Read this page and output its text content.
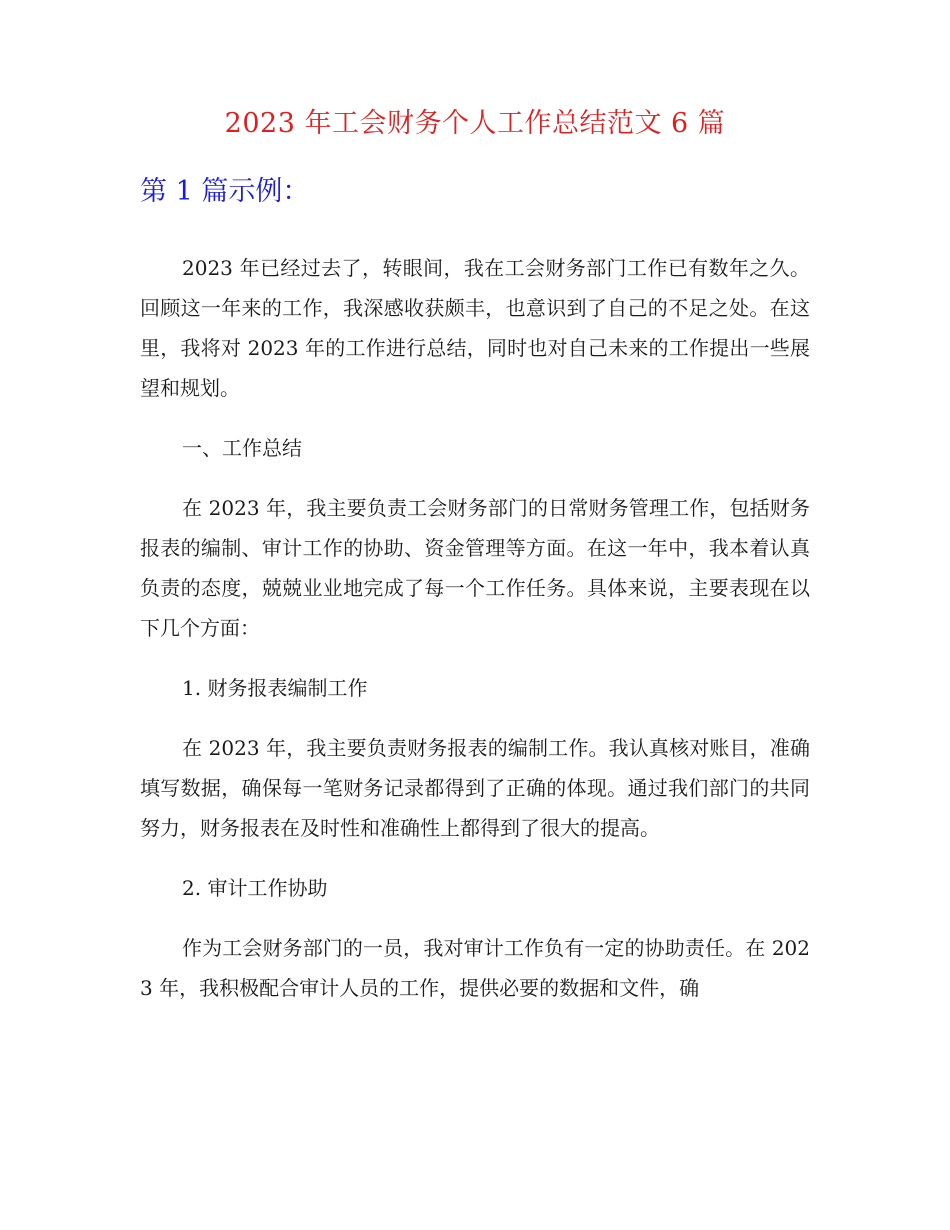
2023 年工会财务个人工作总结范文 6 篇
第 1 篇示例：

2023 年已经过去了，转眼间，我在工会财务部门工作已有数年之久。回顾这一年来的工作，我深感收获颇丰，也意识到了自己的不足之处。在这里，我将对 2023 年的工作进行总结，同时也对自己未来的工作提出一些展望和规划。

一、工作总结

在 2023 年，我主要负责工会财务部门的日常财务管理工作，包括财务报表的编制、审计工作的协助、资金管理等方面。在这一年中，我本着认真负责的态度，兢兢业业地完成了每一个工作任务。具体来说，主要表现在以下几个方面：

1. 财务报表编制工作

在 2023 年，我主要负责财务报表的编制工作。我认真核对账目，准确填写数据，确保每一笔财务记录都得到了正确的体现。通过我们部门的共同努力，财务报表在及时性和准确性上都得到了很大的提高。

2. 审计工作协助

作为工会财务部门的一员，我对审计工作负有一定的协助责任。在 2023 年，我积极配合审计人员的工作，提供必要的数据和文件，确
